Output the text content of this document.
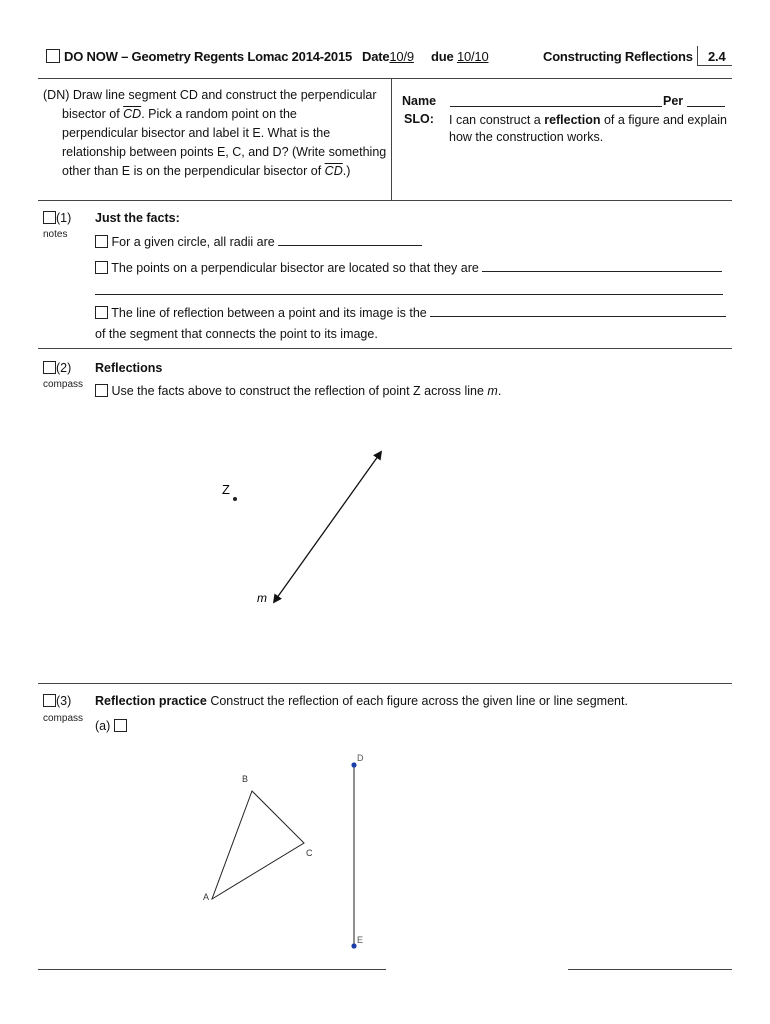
DO NOW – Geometry Regents Lomac 2014-2015 Date10/9 due 10/10	Constructing Reflections 2.4
(DN) Draw line segment CD and construct the perpendicular
bisector of $\overline{CD}$. Pick a random point on the
perpendicular bisector and label it E. What is the
relationship between points E, C, and D? (Write something
other than E is on the perpendicular bisector of $\overline{CD}$.)
Name	Per
SLO: I can construct a reflection of a figure and explain
how the construction works.
(1)
notes
Just the facts:
For a given circle, all radii are
The points on a perpendicular bisector are located so that they are
The line of reflection between a point and its image is the
of the segment that connects the point to its image.
(2)
compass
Reflections
Use the facts above to construct the reflection of point Z across line m.
Z
m
A
B
C
D
E
(3)
compass
Reflection practice Construct the reflection of each figure across the given line or line segment.
(a)
